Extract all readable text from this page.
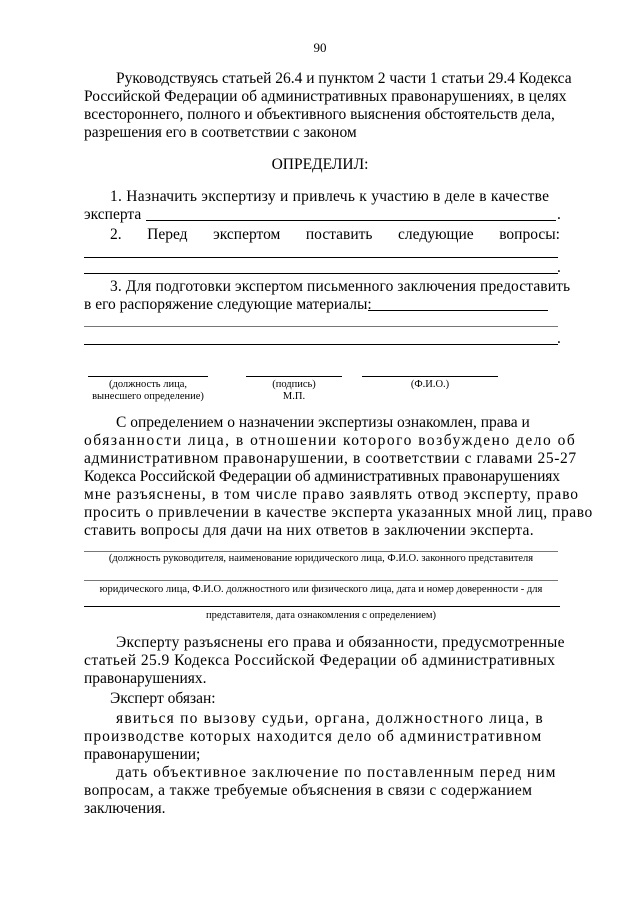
90
Руководствуясь статьей 26.4 и пунктом 2 части 1 статьи 29.4 Кодекса
Российской Федерации об административных правонарушениях, в целях
всестороннего, полного и объективного выяснения обстоятельств дела,
разрешения его в соответствии с законом
ОПРЕДЕЛИЛ:
1. Назначить экспертизу и привлечь к участию в деле в качестве
эксперта	.
2. Перед экспертом поставить следующие вопросы:
.
3. Для подготовки экспертом письменного заключения предоставить
в его распоряжение следующие материалы:
.
(должность лица,
вынесшего определение)
(подпись)
М.П.
(Ф.И.О.)
С определением о назначении экспертизы ознакомлен, права и
обязанности лица, в отношении которого возбуждено дело об
административном правонарушении, в соответствии с главами 25-27
Кодекса Российской Федерации об административных правонарушениях
мне разъяснены, в том числе право заявлять отвод эксперту, право
просить о привлечении в качестве эксперта указанных мной лиц, право
ставить вопросы для дачи на них ответов в заключении эксперта.
(должность руководителя, наименование юридического лица, Ф.И.О. законного представителя
юридического лица, Ф.И.О. должностного или физического лица, дата и номер доверенности - для
представителя, дата ознакомления с определением)
Эксперту разъяснены его права и обязанности, предусмотренные
статьей 25.9 Кодекса Российской Федерации об административных
правонарушениях.
Эксперт обязан:
явиться по вызову судьи, органа, должностного лица, в
производстве которых находится дело об административном
правонарушении;
дать объективное заключение по поставленным перед ним
вопросам, а также требуемые объяснения в связи с содержанием
заключения.
